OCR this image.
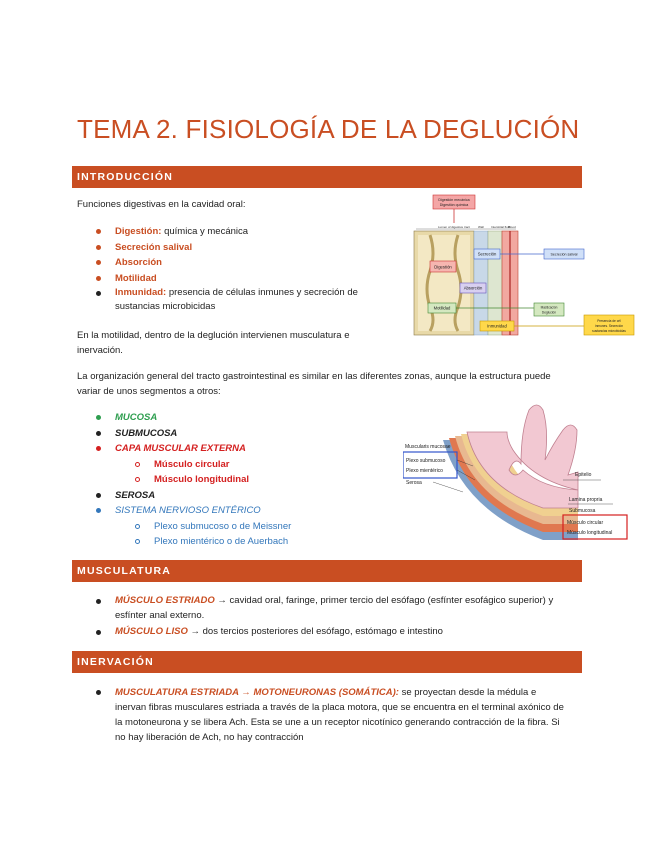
TEMA 2. FISIOLOGÍA DE LA DEGLUCIÓN
INTRODUCCIÓN
Funciones digestivas en la cavidad oral:
Digestión: química y mecánica
Secreción salival
Absorción
Motilidad
Inmunidad: presencia de células inmunes y secreción de sustancias microbicidas
En la motilidad, dentro de la deglución intervienen musculatura e inervación.
La organización general del tracto gastrointestinal es similar en las diferentes zonas, aunque la estructura puede variar de unos segmentos a otros:
MUCOSA
SUBMUCOSA
CAPA MUSCULAR EXTERNA
Músculo circular
Músculo longitudinal
SEROSA
SISTEMA NERVIOSO ENTÉRICO
Plexo submucoso o de Meissner
Plexo mientérico o de Auerbach
Digestión mecánica
Digestión química
Lumen of digestive tract	Wall Interstitial fluid
Blood
Digestión
Secreción
Absorción
Motilidad
Inmunidad
Secreción salival
Masticación
Deglución
Presencia de cél
inmunes. Secreción
sustancias microbicidas
Muscularis mucosae
Plexo submucoso
Plexo mientérico
Serosa
Epitelio
Lamina propria
Submucosa
Músculo circular
Músculo longitudinal
MUSCULATURA
MÚSCULO ESTRIADO → cavidad oral, faringe, primer tercio del esófago (esfínter esofágico superior) y esfínter anal externo.
MÚSCULO LISO → dos tercios posteriores del esófago, estómago e intestino
INERVACIÓN
MUSCULATURA ESTRIADA → MOTONEURONAS (SOMÁTICA): se proyectan desde la médula e inervan fibras musculares estriada a través de la placa motora, que se encuentra en el terminal axónico de la motoneurona y se libera Ach. Esta se une a un receptor nicotínico generando contracción de la fibra. Si no hay liberación de Ach, no hay contracción
